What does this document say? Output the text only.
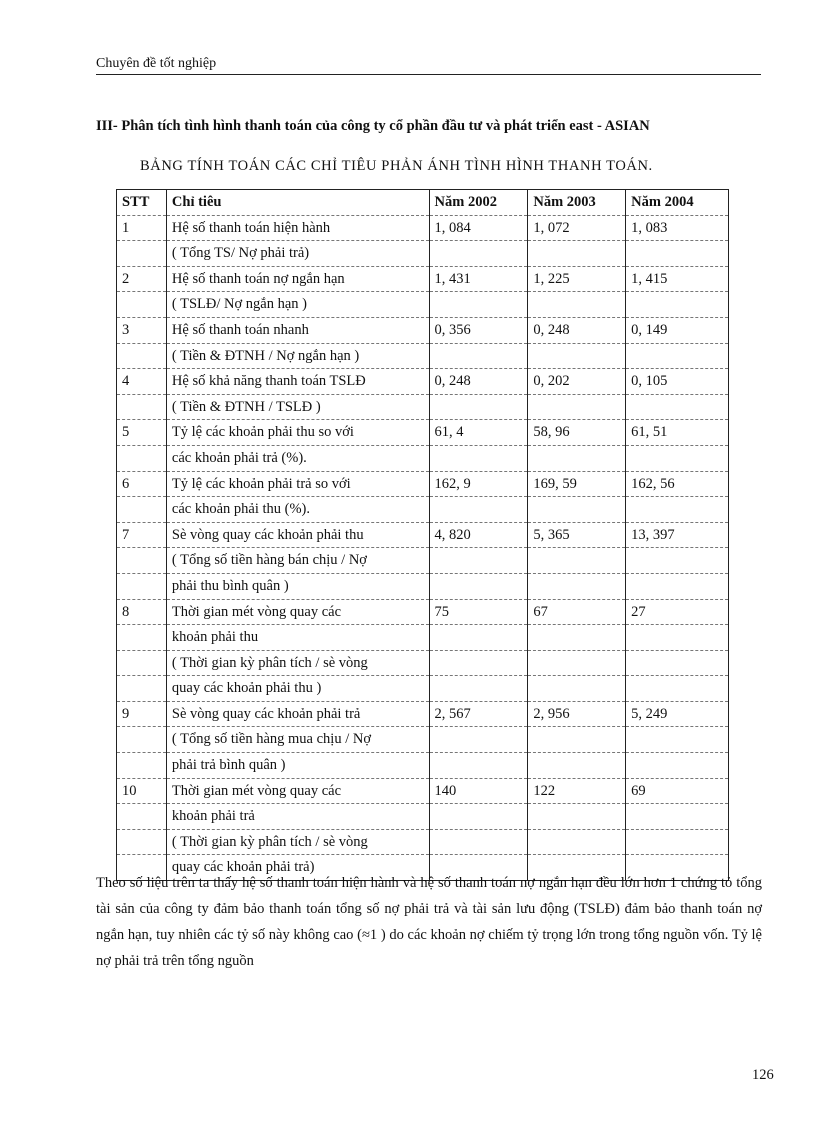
Chuyên đề tốt nghiệp
III- Phân tích tình hình thanh toán của công ty cổ phần đầu tư và phát triển east - ASIAN
BẢNG TÍNH TOÁN CÁC CHỈ TIÊU PHẢN ÁNH TÌNH HÌNH THANH TOÁN.
STT	Chỉ tiêu	Năm 2002	Năm 2003	Năm 2004
1	Hệ số thanh toán hiện hành	1, 084	1, 072	1, 083
	( Tổng TS/ Nợ phải trả)			
2	Hệ số thanh toán nợ ngắn hạn	1, 431	1, 225	1, 415
	( TSLĐ/ Nợ ngắn hạn )			
3	Hệ số thanh toán nhanh	0, 356	0, 248	0, 149
	( Tiền & ĐTNH / Nợ ngắn hạn )			
4	Hệ số khả năng thanh toán TSLĐ	0, 248	0, 202	0, 105
	( Tiền & ĐTNH / TSLĐ )			
5	Tỷ lệ các khoản phải thu so với	61, 4	58, 96	61, 51
	các khoản phải trả (%).			
6	Tỷ lệ các khoản phải trả so với	162, 9	169, 59	162, 56
	các khoản phải thu (%).			
7	Sè vòng quay các khoản phải thu	4, 820	5, 365	13, 397
	( Tổng số tiền hàng bán chịu / Nợ			
	phải thu bình quân )			
8	Thời gian mét vòng quay các	75	67	27
	khoản phải thu			
	( Thời gian kỳ phân tích / sè vòng			
	quay các khoản phải thu )			
9	Sè vòng quay các khoản phải trả	2, 567	2, 956	5, 249
	( Tổng số tiền hàng mua chịu / Nợ			
	phải trả bình quân )			
10	Thời gian mét vòng quay các	140	122	69
	khoản phải trả			
	( Thời gian kỳ phân tích / sè vòng			
	quay các khoản phải trả)			

Theo số liệu trên ta thấy hệ số thanh toán hiện hành và hệ số thanh toán nợ ngắn hạn đều lớn hơn 1 chứng tỏ tổng tài sản của công ty đảm bảo thanh toán tổng số nợ phải trả và tài sản lưu động (TSLĐ) đảm bảo thanh toán nợ ngắn hạn, tuy nhiên các tỷ số này không cao (≈1 ) do các khoản nợ chiếm tỷ trọng lớn trong tổng nguồn vốn. Tỷ lệ nợ phải trả trên tổng nguồn

126
